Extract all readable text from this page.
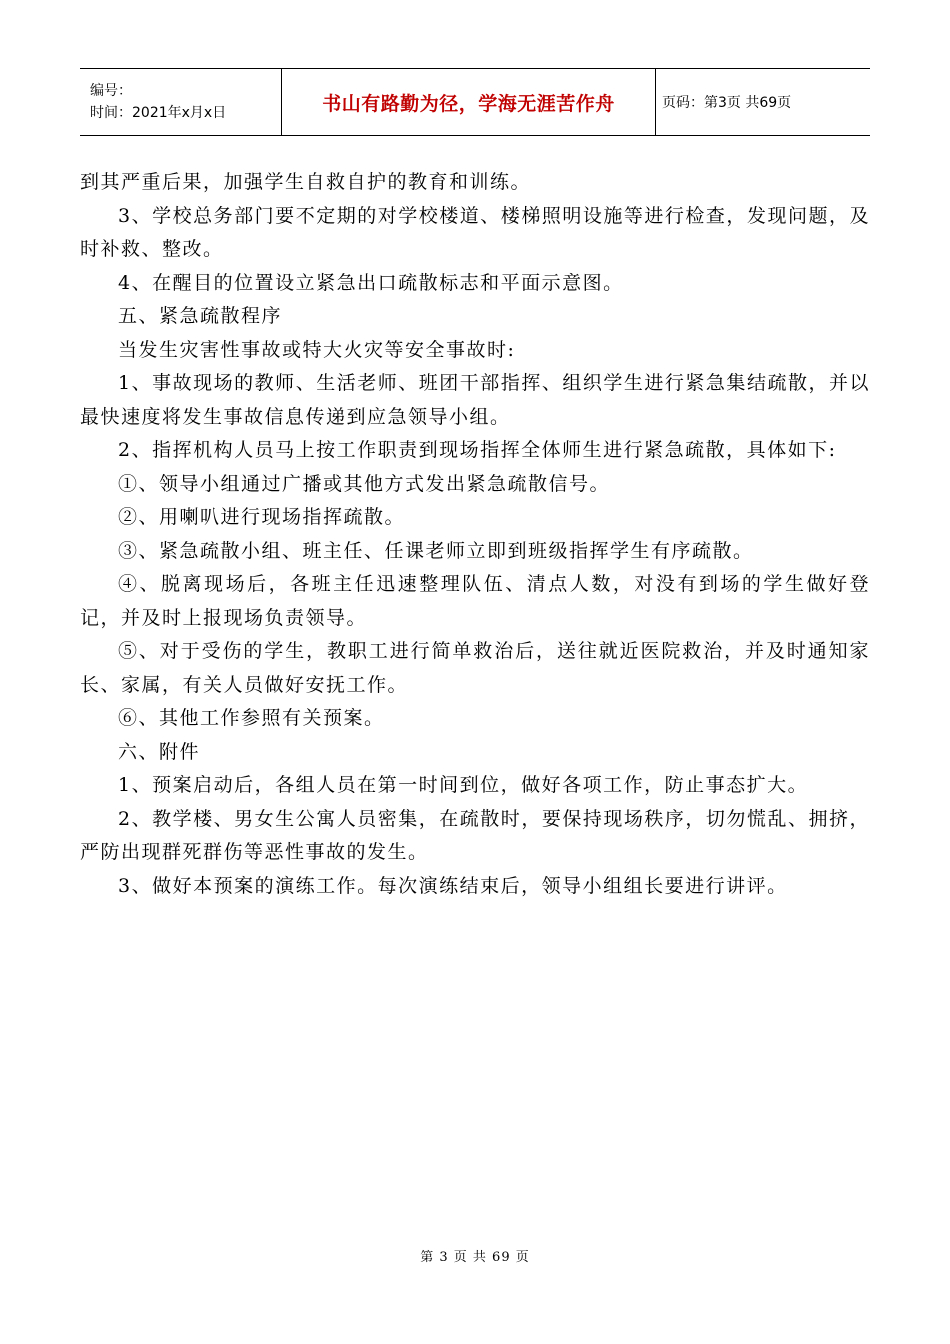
编号：
时间：2021年x月x日	书山有路勤为径，学海无涯苦作舟	页码：第3页 共69页

到其严重后果，加强学生自救自护的教育和训练。

3、学校总务部门要不定期的对学校楼道、楼梯照明设施等进行检查，发现问题，及时补救、整改。

4、在醒目的位置设立紧急出口疏散标志和平面示意图。

五、紧急疏散程序

当发生灾害性事故或特大火灾等安全事故时:

1、事故现场的教师、生活老师、班团干部指挥、组织学生进行紧急集结疏散，并以最快速度将发生事故信息传递到应急领导小组。

2、指挥机构人员马上按工作职责到现场指挥全体师生进行紧急疏散，具体如下:

①、领导小组通过广播或其他方式发出紧急疏散信号。

②、用喇叭进行现场指挥疏散。

③、紧急疏散小组、班主任、任课老师立即到班级指挥学生有序疏散。

④、脱离现场后，各班主任迅速整理队伍、清点人数，对没有到场的学生做好登记，并及时上报现场负责领导。

⑤、对于受伤的学生，教职工进行简单救治后，送往就近医院救治，并及时通知家长、家属，有关人员做好安抚工作。

⑥、其他工作参照有关预案。

六、附件

1、预案启动后，各组人员在第一时间到位，做好各项工作，防止事态扩大。

2、教学楼、男女生公寓人员密集，在疏散时，要保持现场秩序，切勿慌乱、拥挤，严防出现群死群伤等恶性事故的发生。

3、做好本预案的演练工作。每次演练结束后，领导小组组长要进行讲评。

第 3 页 共 69 页
